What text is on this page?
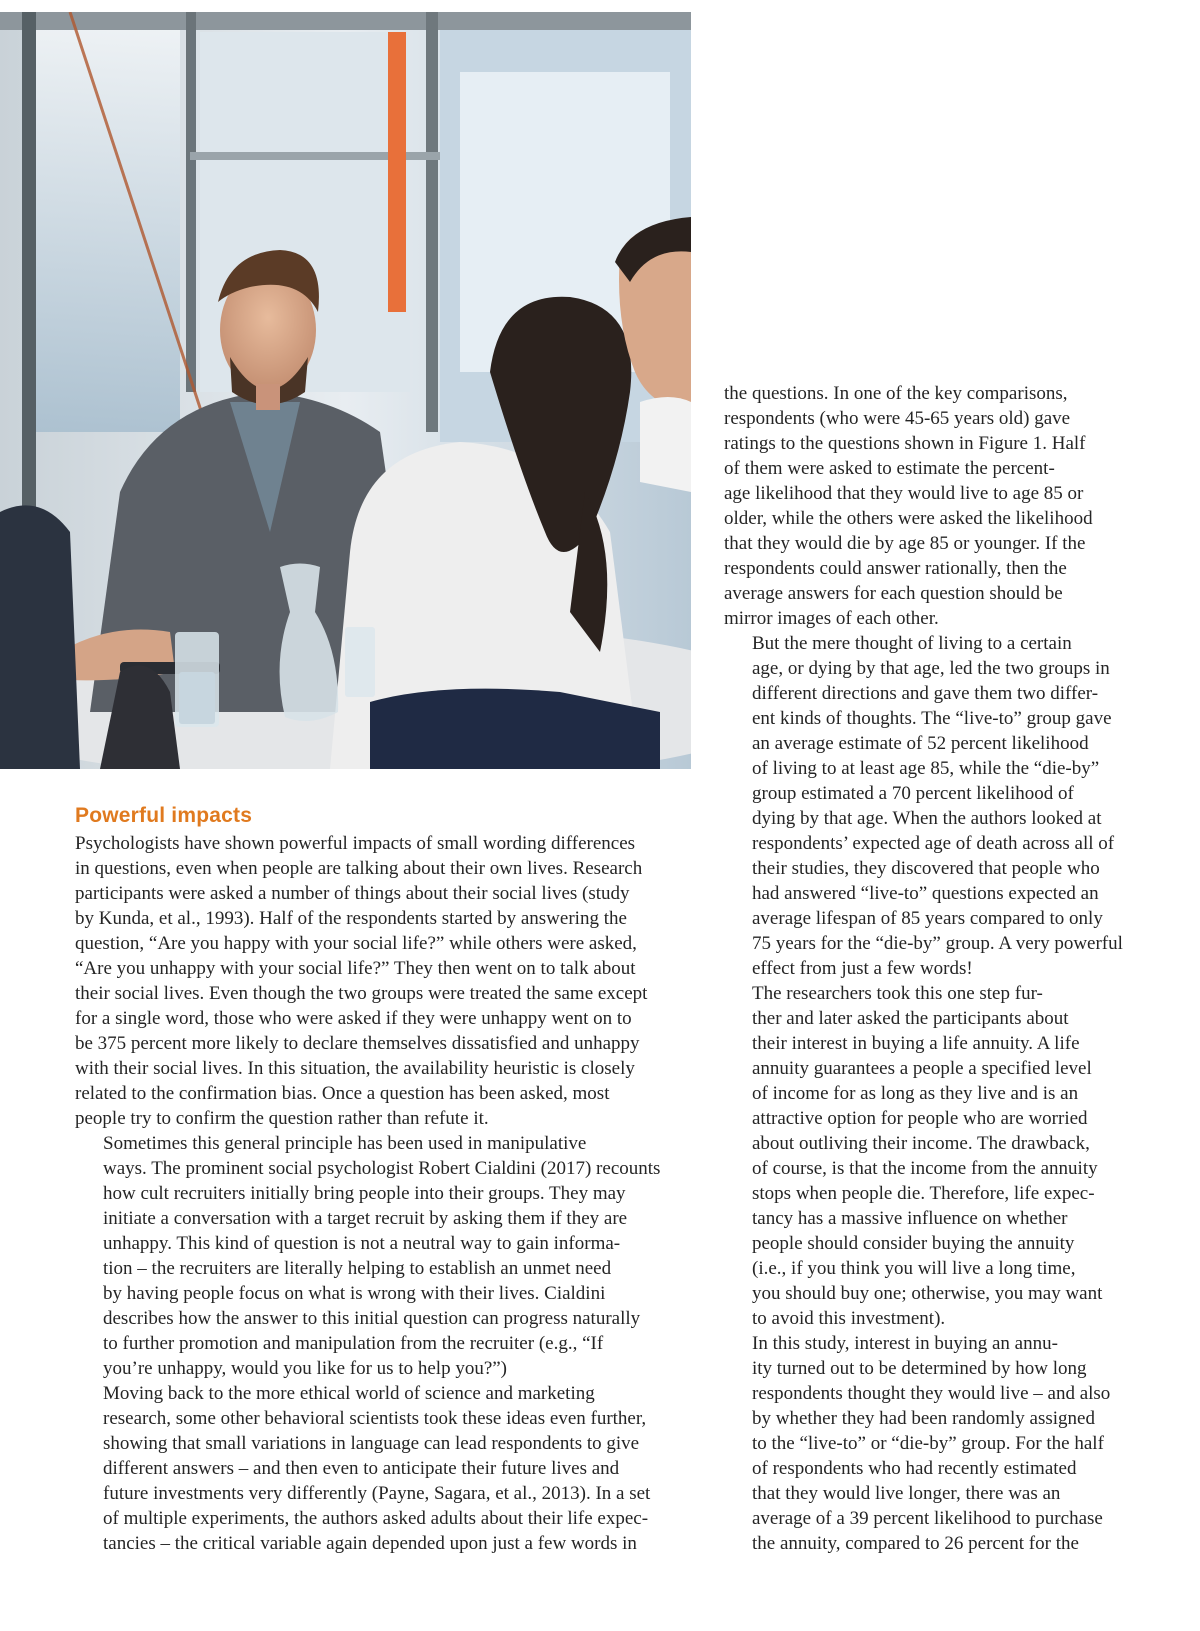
Powerful impacts

Psychologists have shown powerful impacts of small wording differences
in questions, even when people are talking about their own lives. Research
participants were asked a number of things about their social lives (study
by Kunda, et al., 1993). Half of the respondents started by answering the
question, “Are you happy with your social life?” while others were asked,
“Are you unhappy with your social life?” They then went on to talk about
their social lives. Even though the two groups were treated the same except
for a single word, those who were asked if they were unhappy went on to
be 375 percent more likely to declare themselves dissatisfied and unhappy
with their social lives. In this situation, the availability heuristic is closely
related to the confirmation bias. Once a question has been asked, most
people try to confirm the question rather than refute it.

Sometimes this general principle has been used in manipulative
ways. The prominent social psychologist Robert Cialdini (2017) recounts
how cult recruiters initially bring people into their groups. They may
initiate a conversation with a target recruit by asking them if they are
unhappy. This kind of question is not a neutral way to gain informa-
tion – the recruiters are literally helping to establish an unmet need
by having people focus on what is wrong with their lives. Cialdini
describes how the answer to this initial question can progress naturally
to further promotion and manipulation from the recruiter (e.g., “If
you’re unhappy, would you like for us to help you?”)

Moving back to the more ethical world of science and marketing
research, some other behavioral scientists took these ideas even further,
showing that small variations in language can lead respondents to give
different answers – and then even to anticipate their future lives and
future investments very differently (Payne, Sagara, et al., 2013). In a set
of multiple experiments, the authors asked adults about their life expec-
tancies – the critical variable again depended upon just a few words in

the questions. In one of the key comparisons,
respondents (who were 45-65 years old) gave
ratings to the questions shown in Figure 1. Half
of them were asked to estimate the percent-
age likelihood that they would live to age 85 or
older, while the others were asked the likelihood
that they would die by age 85 or younger. If the
respondents could answer rationally, then the
average answers for each question should be
mirror images of each other.

But the mere thought of living to a certain
age, or dying by that age, led the two groups in
different directions and gave them two differ-
ent kinds of thoughts. The “live-to” group gave
an average estimate of 52 percent likelihood
of living to at least age 85, while the “die-by”
group estimated a 70 percent likelihood of
dying by that age. When the authors looked at
respondents’ expected age of death across all of
their studies, they discovered that people who
had answered “live-to” questions expected an
average lifespan of 85 years compared to only
75 years for the “die-by” group. A very powerful
effect from just a few words!

The researchers took this one step fur-
ther and later asked the participants about
their interest in buying a life annuity. A life
annuity guarantees a people a specified level
of income for as long as they live and is an
attractive option for people who are worried
about outliving their income. The drawback,
of course, is that the income from the annuity
stops when people die. Therefore, life expec-
tancy has a massive influence on whether
people should consider buying the annuity
(i.e., if you think you will live a long time,
you should buy one; otherwise, you may want
to avoid this investment).

In this study, interest in buying an annu-
ity turned out to be determined by how long
respondents thought they would live – and also
by whether they had been randomly assigned
to the “live-to” or “die-by” group. For the half
of respondents who had recently estimated
that they would live longer, there was an
average of a 39 percent likelihood to purchase
the annuity, compared to 26 percent for the
